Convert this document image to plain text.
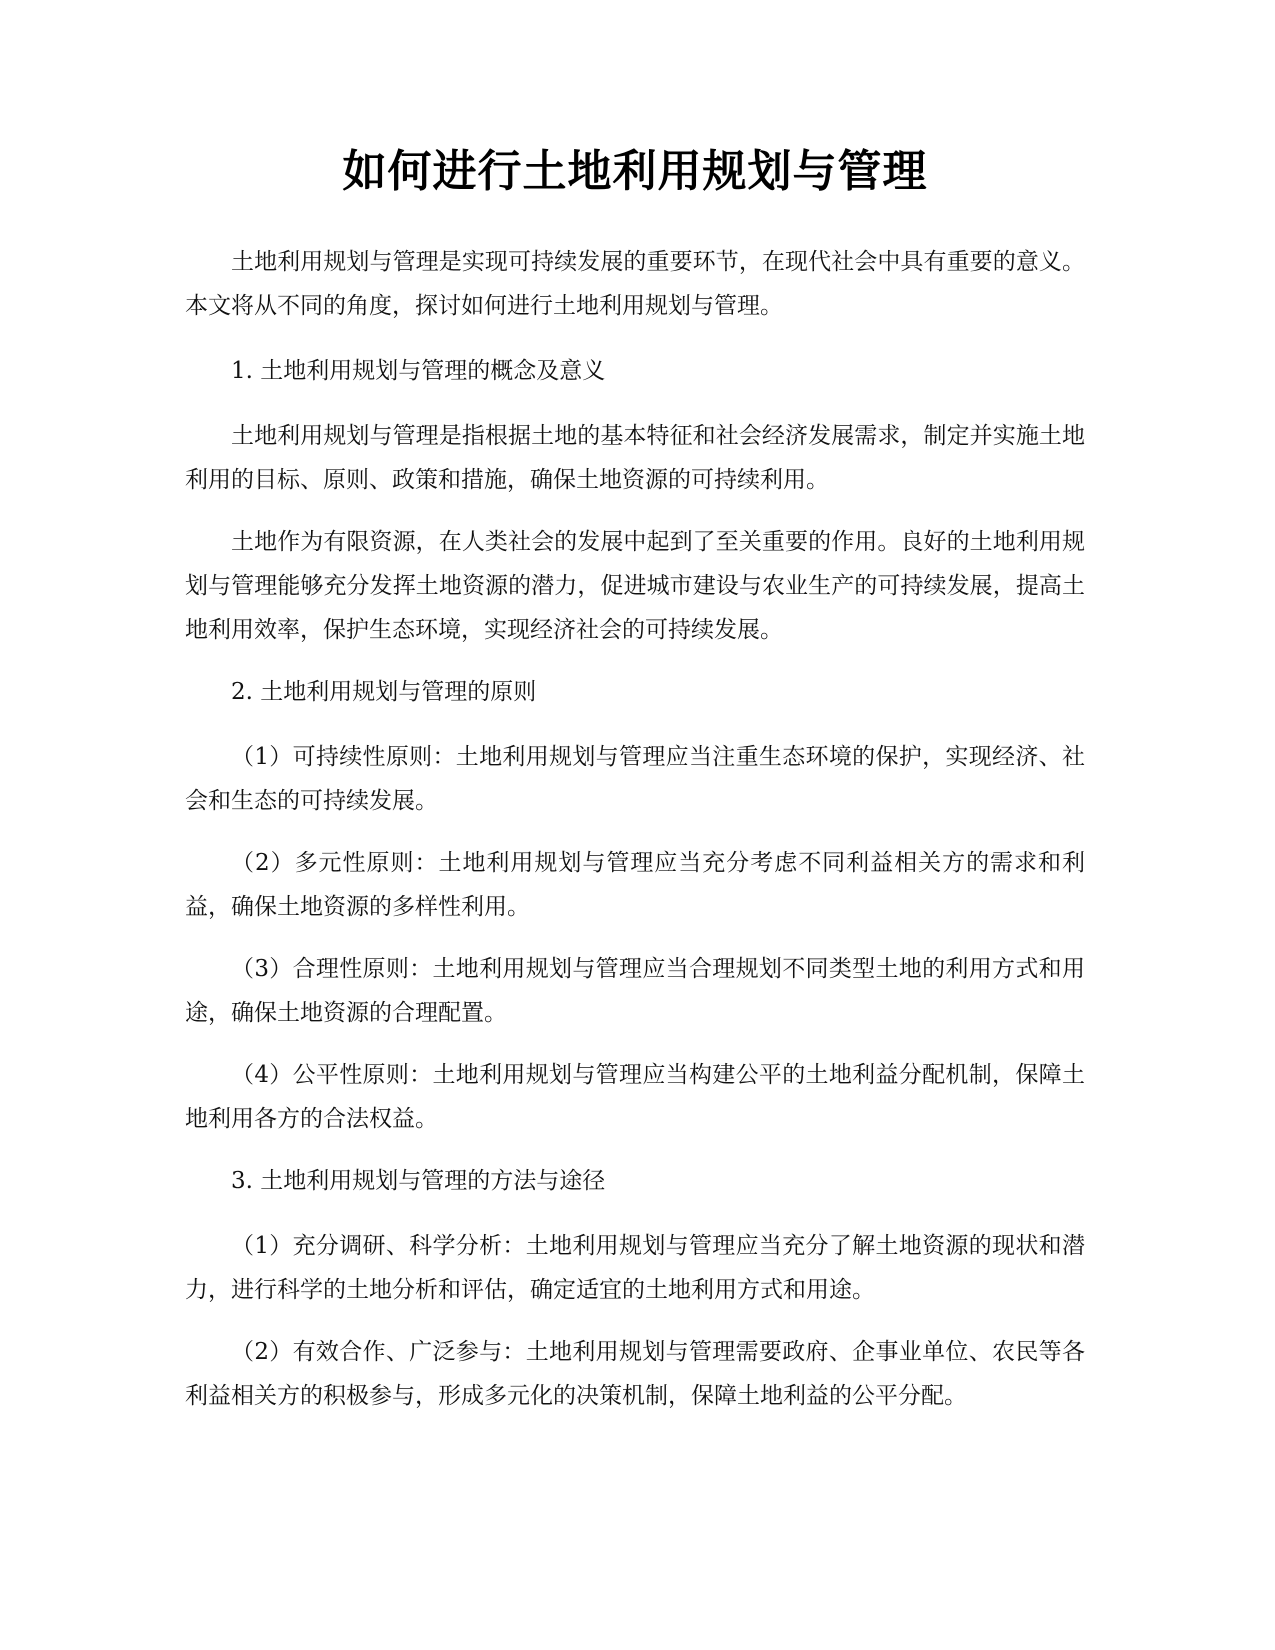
如何进行土地利用规划与管理

土地利用规划与管理是实现可持续发展的重要环节，在现代社会中具有重要的意义。本文将从不同的角度，探讨如何进行土地利用规划与管理。

1. 土地利用规划与管理的概念及意义

土地利用规划与管理是指根据土地的基本特征和社会经济发展需求，制定并实施土地利用的目标、原则、政策和措施，确保土地资源的可持续利用。

土地作为有限资源，在人类社会的发展中起到了至关重要的作用。良好的土地利用规划与管理能够充分发挥土地资源的潜力，促进城市建设与农业生产的可持续发展，提高土地利用效率，保护生态环境，实现经济社会的可持续发展。

2. 土地利用规划与管理的原则

（1）可持续性原则：土地利用规划与管理应当注重生态环境的保护，实现经济、社会和生态的可持续发展。

（2）多元性原则：土地利用规划与管理应当充分考虑不同利益相关方的需求和利益，确保土地资源的多样性利用。

（3）合理性原则：土地利用规划与管理应当合理规划不同类型土地的利用方式和用途，确保土地资源的合理配置。

（4）公平性原则：土地利用规划与管理应当构建公平的土地利益分配机制，保障土地利用各方的合法权益。

3. 土地利用规划与管理的方法与途径

（1）充分调研、科学分析：土地利用规划与管理应当充分了解土地资源的现状和潜力，进行科学的土地分析和评估，确定适宜的土地利用方式和用途。

（2）有效合作、广泛参与：土地利用规划与管理需要政府、企事业单位、农民等各利益相关方的积极参与，形成多元化的决策机制，保障土地利益的公平分配。
